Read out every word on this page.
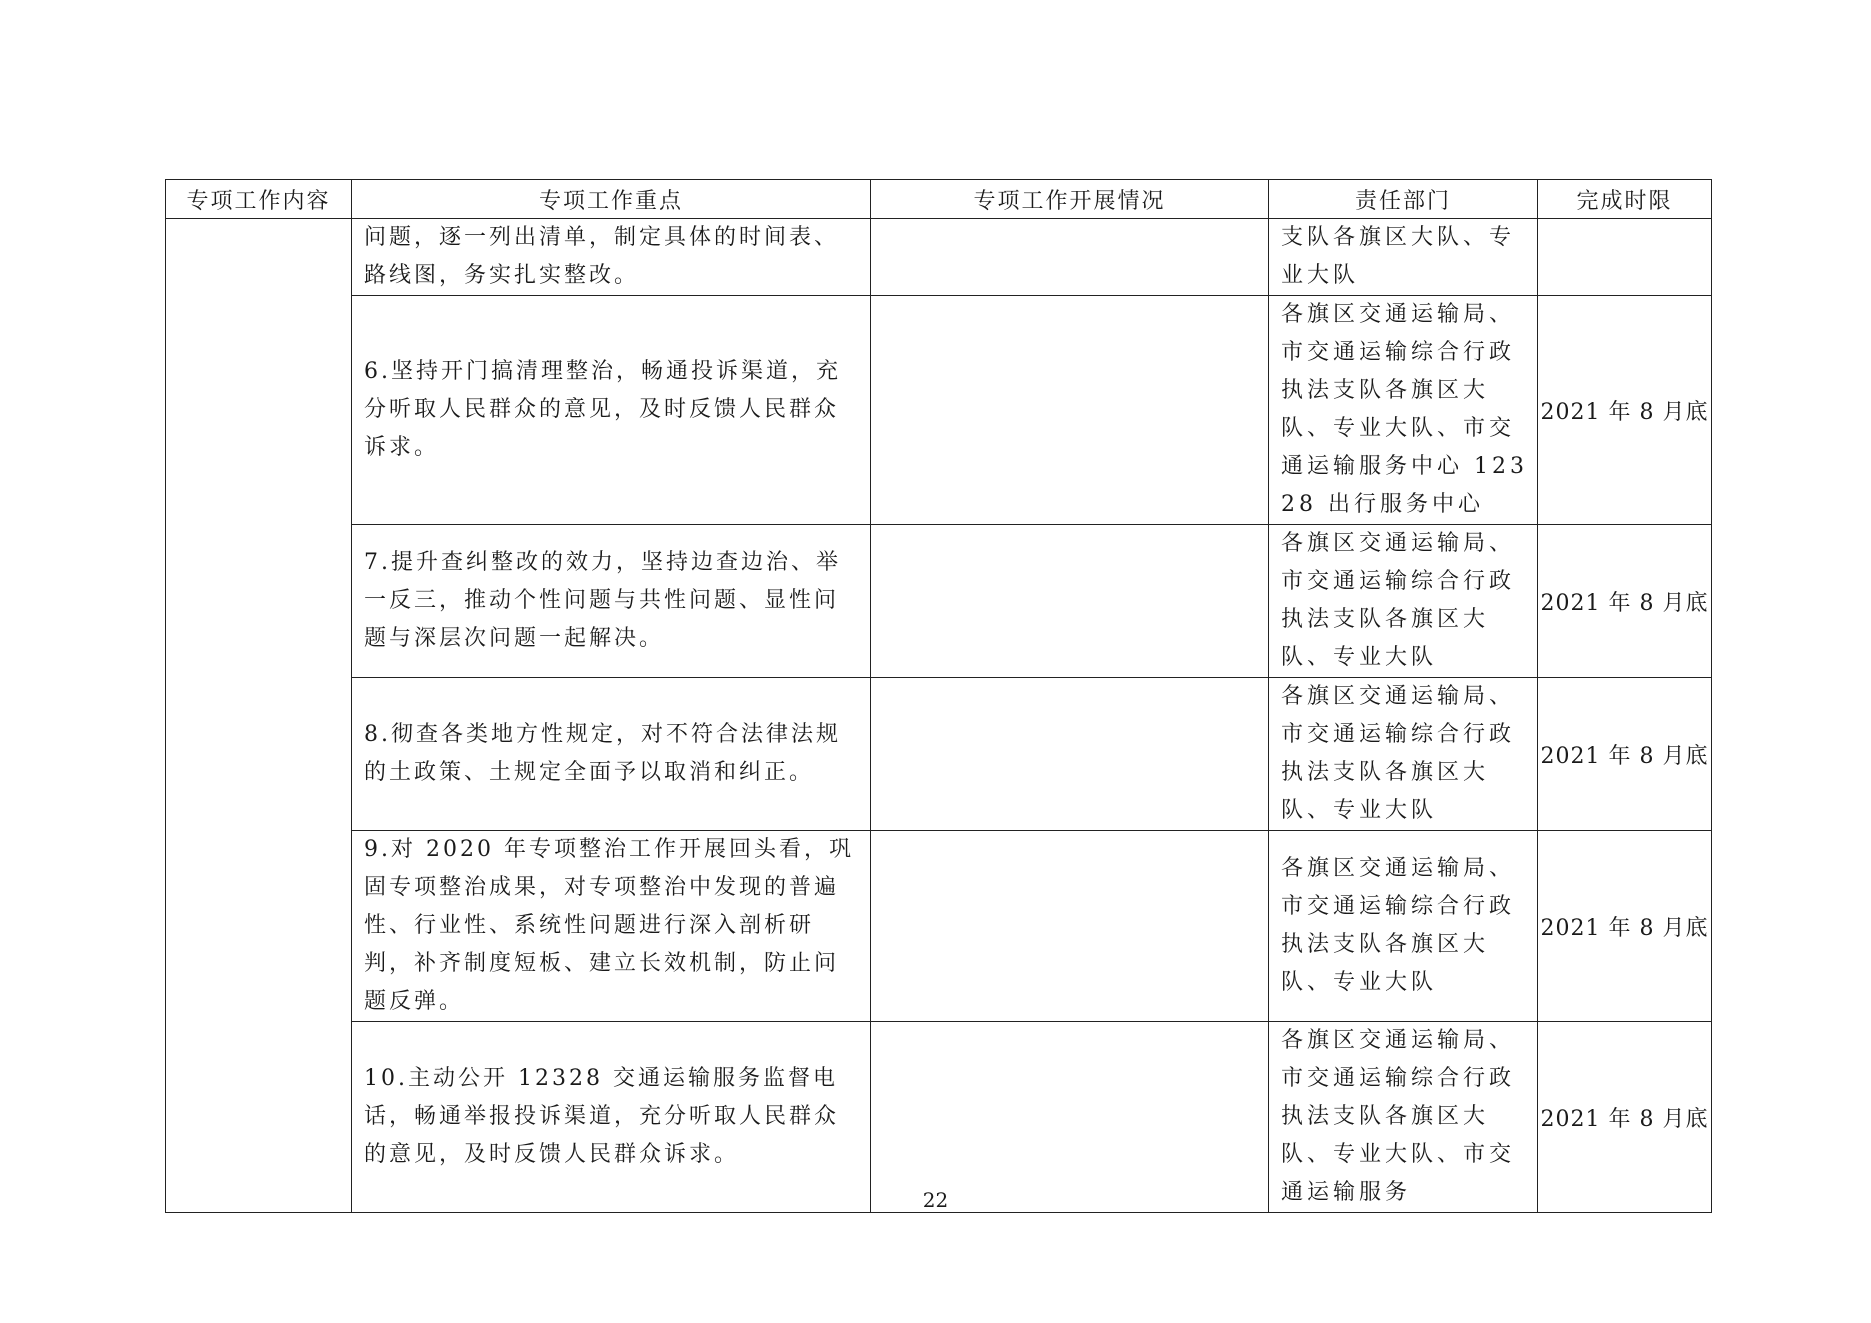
专项工作内容	专项工作重点	专项工作开展情况	责任部门	完成时限

	问题，逐一列出清单，制定具体的时间表、路线图，务实扎实整改。		支队各旗区大队、专业大队	

	6.坚持开门搞清理整治，畅通投诉渠道，充分听取人民群众的意见，及时反馈人民群众诉求。		各旗区交通运输局、市交通运输综合行政执法支队各旗区大队、专业大队、市交通运输服务中心 12328 出行服务中心	2021 年 8 月底

	7.提升查纠整改的效力，坚持边查边治、举一反三，推动个性问题与共性问题、显性问题与深层次问题一起解决。		各旗区交通运输局、市交通运输综合行政执法支队各旗区大队、专业大队	2021 年 8 月底

	8.彻查各类地方性规定，对不符合法律法规的土政策、土规定全面予以取消和纠正。		各旗区交通运输局、市交通运输综合行政执法支队各旗区大队、专业大队	2021 年 8 月底

	9.对 2020 年专项整治工作开展回头看，巩固专项整治成果，对专项整治中发现的普遍性、行业性、系统性问题进行深入剖析研判，补齐制度短板、建立长效机制，防止问题反弹。		各旗区交通运输局、市交通运输综合行政执法支队各旗区大队、专业大队	2021 年 8 月底

	10.主动公开 12328 交通运输服务监督电话，畅通举报投诉渠道，充分听取人民群众的意见，及时反馈人民群众诉求。		各旗区交通运输局、市交通运输综合行政执法支队各旗区大队、专业大队、市交通运输服务	2021 年 8 月底
22
